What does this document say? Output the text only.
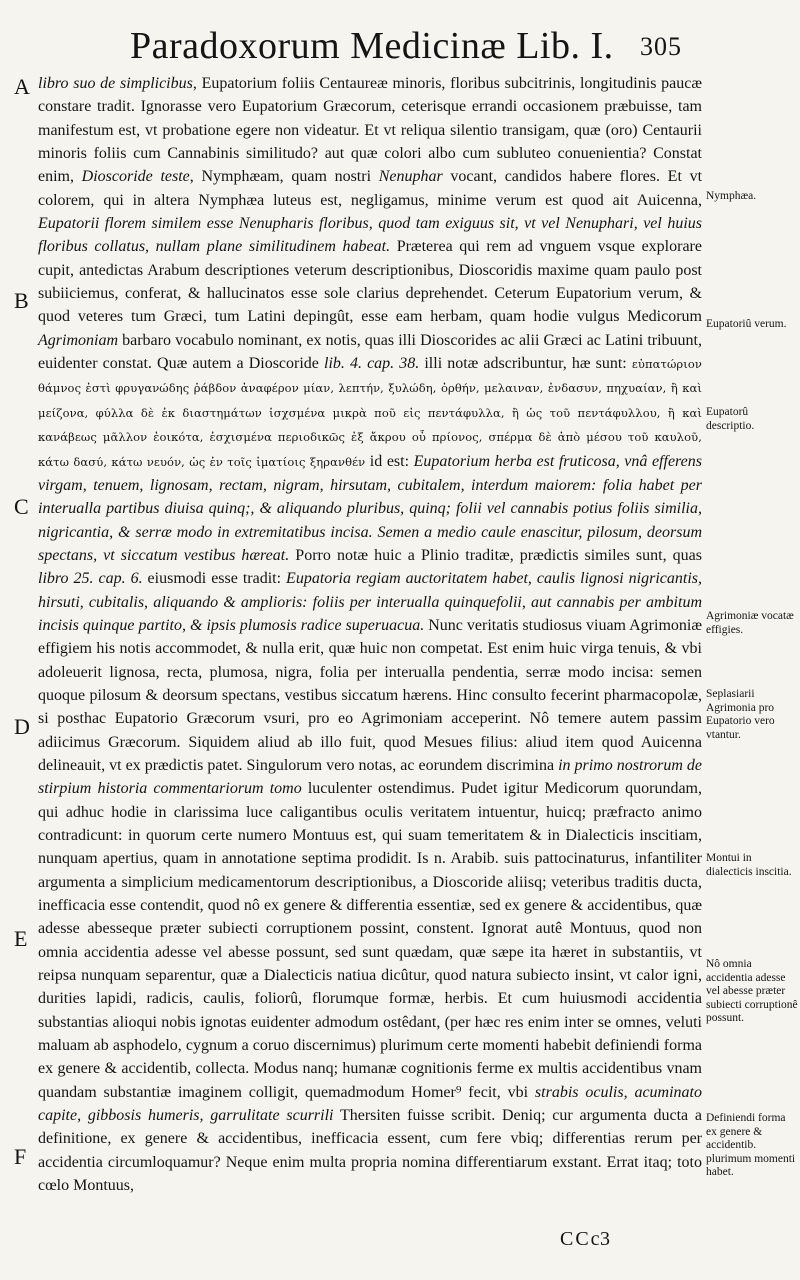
Paradoxorum Medicinæ Lib. I. 305
A
B
C
D
E
F

libro suo de simplicibus, Eupatorium foliis Centaureæ minoris, floribus subcitrinis, longitudinis paucæ constare tradit. Ignorasse vero Eupatorium Græcorum, ceterisque errandi occasionem præbuisse, tam manifestum est, vt probatione egere non videatur. Et vt reliqua silentio transigam, quæ (oro) Centaurii minoris foliis cum Cannabinis similitudo? aut quæ colori albo cum subluteo conuenientia? Constat enim, Dioscoride teste, Nymphæam, quam nostri Nenuphar vocant, candidos habere flores. Et vt colorem, qui in altera Nymphæa luteus est, negligamus, minime verum est quod ait Auicenna, Eupatorii florem similem esse Nenupharis floribus, quod tam exiguus sit, vt vel Nenuphari, vel huius floribus collatus, nullam plane similitudinem habeat. Præterea qui rem ad vnguem vsque explorare cupit, antedictas Arabum descriptiones veterum descriptionibus, Dioscoridis maxime quam paulo post subiiciemus, conferat, & hallucinatos esse sole clarius deprehendet. Ceterum Eupatorium verum, & quod veteres tum Græci, tum Latini depingût, esse eam herbam, quam hodie vulgus Medicorum Agrimoniam barbaro vocabulo nominant, ex notis, quas illi Dioscorides ac alii Græci ac Latini tribuunt, euidenter constat. Quæ autem a Dioscoride lib. 4. cap. 38. illi notæ adscribuntur, hæ sunt: εὐπατώριον θάμνος ἐστὶ φρυγανώδης ῥάβδον ἀναφέρον μίαν, λεπτήν, ξυλώδη, ὀρθήν, μελαιναν, ἐνδασυν, πηχυαίαν, ἢ καὶ μείζονα, φύλλα δὲ ἐκ διαστημάτων ἰσχσμένα μικρὰ ποῦ εἰς πεντάφυλλα, ἢ ὡς τοῦ πεντάφυλλου, ἢ καὶ κανάβεως μᾶλλον ἐοικότα, ἐσχισμένα περιοδικῶς ἐξ ἄκρου οὖ πρίονος, σπέρμα δὲ ἀπὸ μέσου τοῦ καυλοῦ, κάτω δασύ, κάτω νευόν, ὡς ἐν τοῖς ἱματίοις ξηρανθέν id est: Eupatorium herba est fruticosa, vnâ efferens virgam, tenuem, lignosam, rectam, nigram, hirsutam, cubitalem, interdum maiorem: folia habet per interualla partibus diuisa quinq;, & aliquando pluribus, quinq; folii vel cannabis potius foliis similia, nigricantia, & serræ modo in extremitatibus incisa. Semen a medio caule enascitur, pilosum, deorsum spectans, vt siccatum vestibus hæreat. Porro notæ huic a Plinio traditæ, prædictis similes sunt, quas libro 25. cap. 6. eiusmodi esse tradit: Eupatoria regiam auctoritatem habet, caulis lignosi nigricantis, hirsuti, cubitalis, aliquando & amplioris: foliis per interualla quinquefolii, aut cannabis per ambitum incisis quinque partito, & ipsis plumosis radice superuacua. Nunc veritatis studiosus viuam Agrimoniæ effigiem his notis accommodet, & nulla erit, quæ huic non competat. Est enim huic virga tenuis, & vbi adoleuerit lignosa, recta, plumosa, nigra, folia per interualla pendentia, serræ modo incisa: semen quoque pilosum & deorsum spectans, vestibus siccatum hærens. Hinc consulto fecerint pharmacopolæ, si posthac Eupatorio Græcorum vsuri, pro eo Agrimoniam acceperint. Nô temere autem passim adiicimus Græcorum. Siquidem aliud ab illo fuit, quod Mesues filius: aliud item quod Auicenna delineauit, vt ex prædictis patet. Singulorum vero notas, ac eorundem discrimina in primo nostrorum de stirpium historia commentariorum tomo luculenter ostendimus. Pudet igitur Medicorum quorundam, qui adhuc hodie in clarissima luce caligantibus oculis veritatem intuentur, huicq; præfracto animo contradicunt: in quorum certe numero Montuus est, qui suam temeritatem & in Dialecticis inscitiam, nunquam apertius, quam in annotatione septima prodidit. Is n. Arabib. suis pattocinaturus, infantiliter argumenta a simplicium medicamentorum descriptionibus, a Dioscoride aliisq; veteribus traditis ducta, inefficacia esse contendit, quod nô ex genere & differentia essentiæ, sed ex genere & accidentibus, quæ adesse abesseque præter subiecti corruptionem possint, constent. Ignorat autê Montuus, quod non omnia accidentia adesse vel abesse possunt, sed sunt quædam, quæ sæpe ita hæret in substantiis, vt reipsa nunquam separentur, quæ a Dialecticis natiua dicûtur, quod natura subiecto insint, vt calor igni, durities lapidi, radicis, caulis, foliorû, florumque formæ, herbis. Et cum huiusmodi accidentia substantias alioqui nobis ignotas euidenter admodum ostêdant, (per hæc res enim inter se omnes, veluti maluam ab asphodelo, cygnum a coruo discernimus) plurimum certe momenti habebit definiendi forma ex genere & accidentib, collecta. Modus nanq; humanæ cognitionis ferme ex multis accidentibus vnam quandam substantiæ imaginem colligit, quemadmodum Homer⁹ fecit, vbi strabis oculis, acuminato capite, gibbosis humeris, garrulitate scurrili Thersiten fuisse scribit. Deniq; cur argumenta ducta a definitione, ex genere & accidentibus, inefficacia essent, cum fere vbiq; differentias rerum per accidentia circumloquamur? Neque enim multa propria nomina differentiarum exstant. Errat itaq; toto cœlo Montuus,

Nymphæa.
Eupatoriû verum.
Eupatorû descriptio.
Agrimoniæ vocatæ effigies.
Seplasiarii Agrimonia pro Eupatorio vero vtantur.
Montui in dialecticis inscitia.
Nô omnia accidentia adesse vel abesse præter subiecti corruptionê possunt.
Definiendi forma ex genere & accidentib. plurimum momenti habet.
CCc
3
